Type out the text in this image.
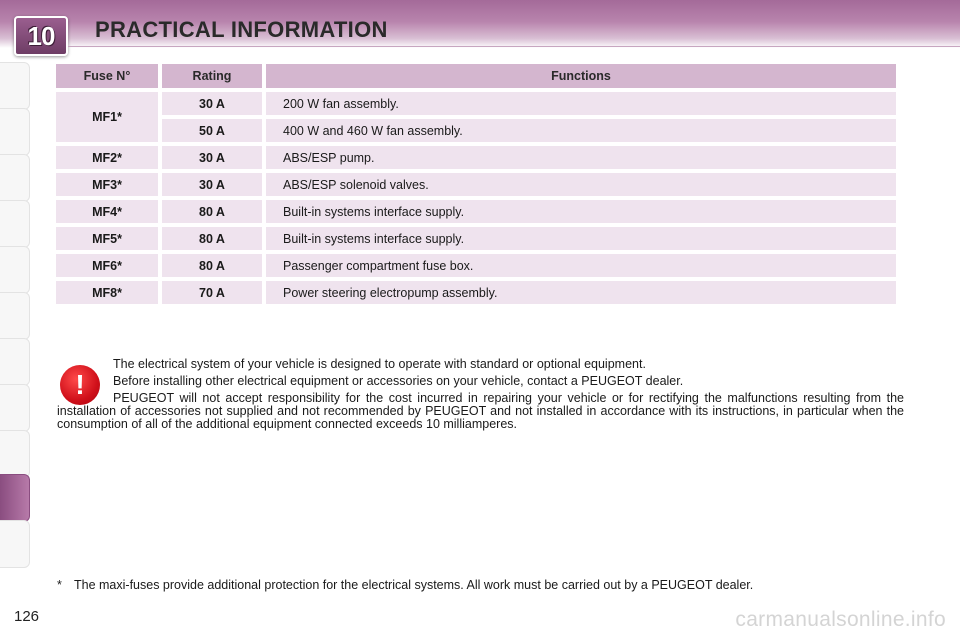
10	PRACTICAL INFORMATION
Fuse N°	Rating	Functions
MF1*	30 A	200 W fan assembly.
	50 A	400 W and 460 W fan assembly.
MF2*	30 A	ABS/ESP pump.
MF3*	30 A	ABS/ESP solenoid valves.
MF4*	80 A	Built-in systems interface supply.
MF5*	80 A	Built-in systems interface supply.
MF6*	80 A	Passenger compartment fuse box.
MF8*	70 A	Power steering electropump assembly.
!

The electrical system of your vehicle is designed to operate with standard or optional equipment.

Before installing other electrical equipment or accessories on your vehicle, contact a PEUGEOT dealer.

PEUGEOT will not accept responsibility for the cost incurred in repairing your vehicle or for rectifying the malfunctions resulting from the installation of accessories not supplied and not recommended by PEUGEOT and not installed in accordance with its instructions, in particular when the consumption of all of the additional equipment connected exceeds 10 milliamperes.

* The maxi-fuses provide additional protection for the electrical systems. All work must be carried out by a PEUGEOT dealer.
126	carmanualsonline.info
